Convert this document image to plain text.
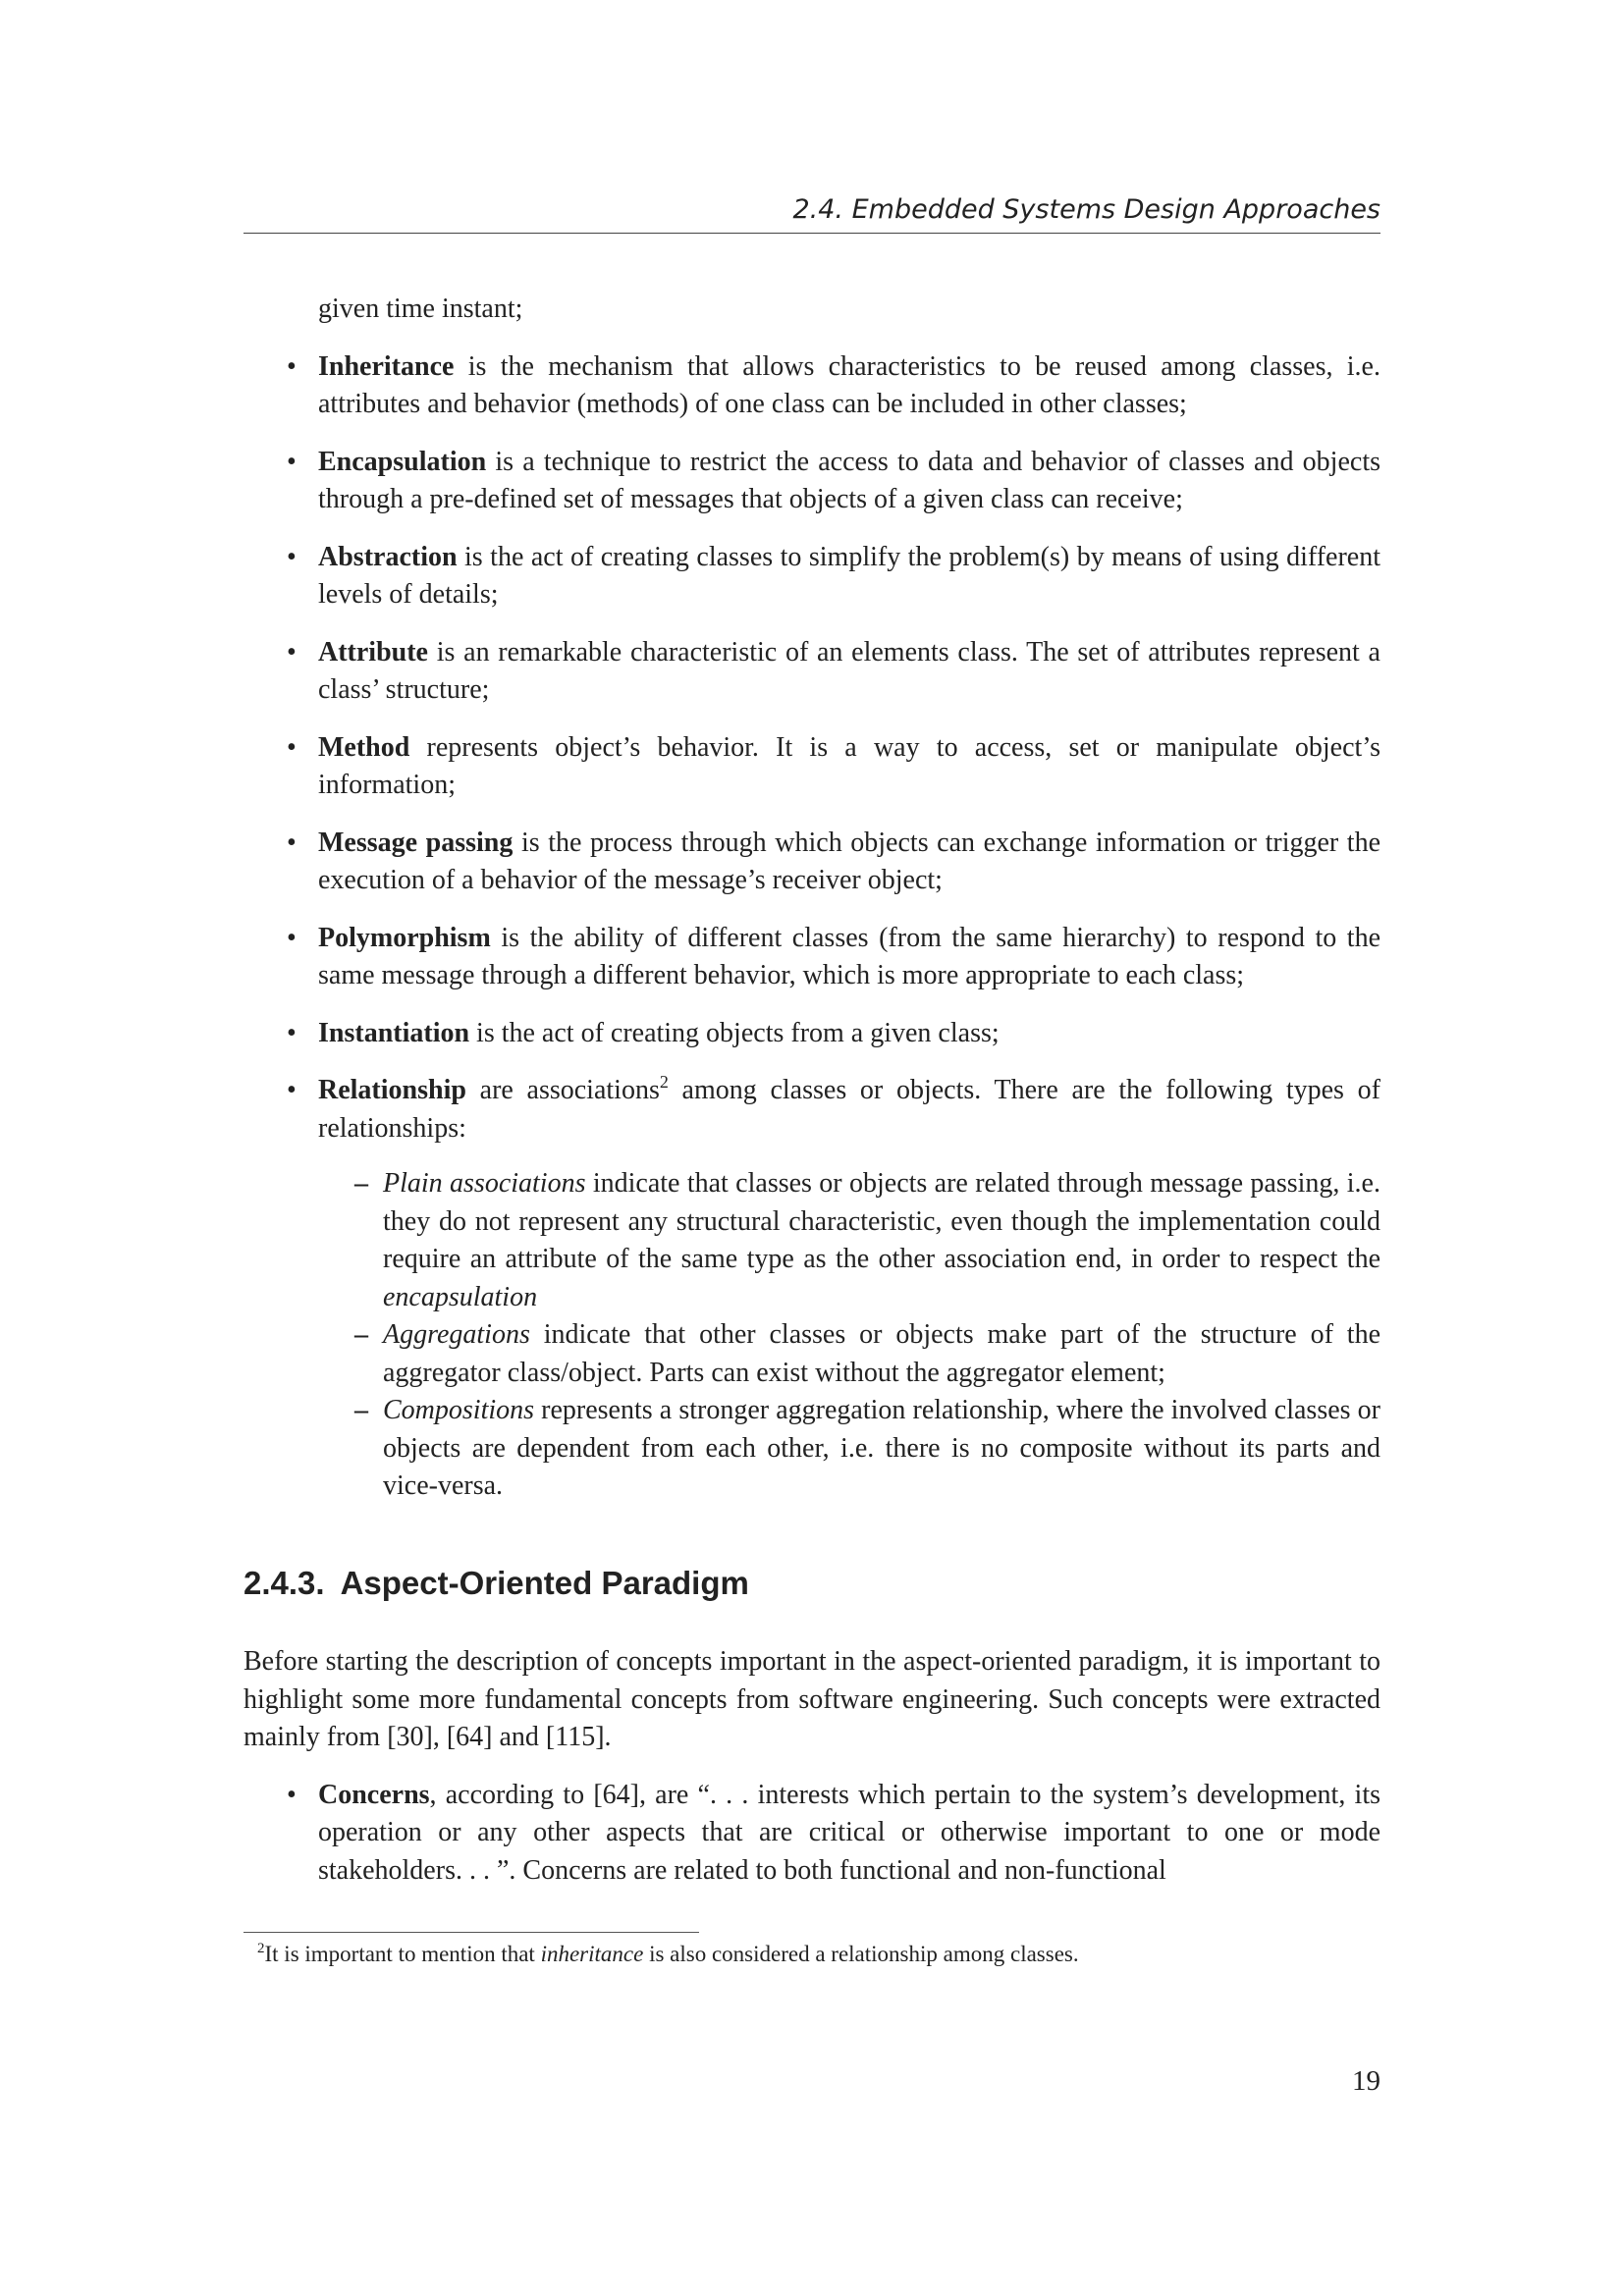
2.4. Embedded Systems Design Approaches

given time instant;

• Inheritance is the mechanism that allows characteristics to be reused among classes, i.e. attributes and behavior (methods) of one class can be included in other classes;
• Encapsulation is a technique to restrict the access to data and behavior of classes and objects through a pre-defined set of messages that objects of a given class can receive;
• Abstraction is the act of creating classes to simplify the problem(s) by means of using different levels of details;
• Attribute is an remarkable characteristic of an elements class. The set of attributes represent a class’ structure;
• Method represents object’s behavior. It is a way to access, set or manipulate object’s information;
• Message passing is the process through which objects can exchange information or trigger the execution of a behavior of the message’s receiver object;
• Polymorphism is the ability of different classes (from the same hierarchy) to respond to the same message through a different behavior, which is more appropriate to each class;
• Instantiation is the act of creating objects from a given class;
• Relationship are associations$^2$ among classes or objects. There are the following types of relationships:
– Plain associations indicate that classes or objects are related through message passing, i.e. they do not represent any structural characteristic, even though the implementation could require an attribute of the same type as the other association end, in order to respect the encapsulation
– Aggregations indicate that other classes or objects make part of the structure of the aggregator class/object. Parts can exist without the aggregator element;
– Compositions represents a stronger aggregation relationship, where the involved classes or objects are dependent from each other, i.e. there is no composite without its parts and vice-versa.
2.4.3. Aspect-Oriented Paradigm

Before starting the description of concepts important in the aspect-oriented paradigm, it is important to highlight some more fundamental concepts from software engineering. Such concepts were extracted mainly from [30], [64] and [115].

• Concerns, according to [64], are “. . . interests which pertain to the system’s development, its operation or any other aspects that are critical or otherwise important to one or mode stakeholders. . . ”. Concerns are related to both functional and non-functional
$^2$It is important to mention that inheritance is also considered a relationship among classes.
19
